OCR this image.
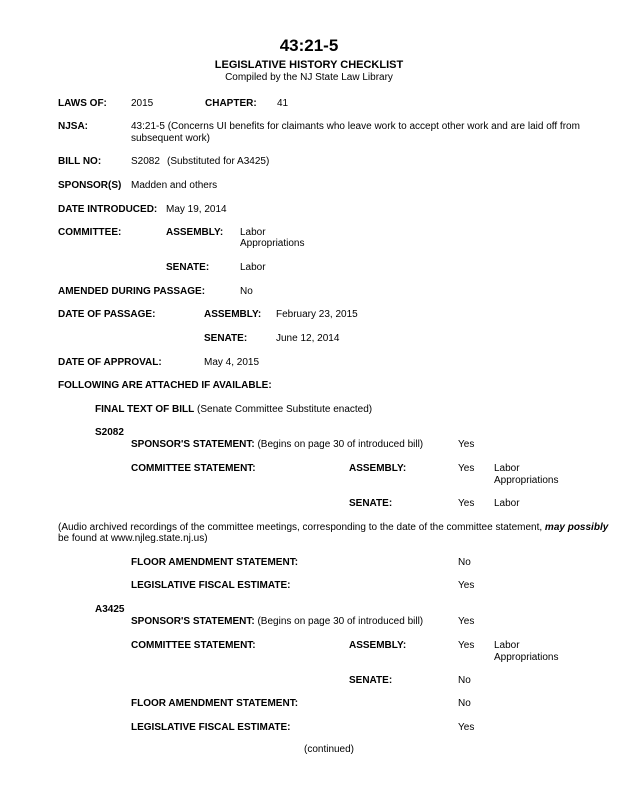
43:21-5
LEGISLATIVE HISTORY CHECKLIST
Compiled by the NJ State Law Library
LAWS OF: 2015	CHAPTER: 41
NJSA:	43:21-5 (Concerns UI benefits for claimants who leave work to accept other work and are laid off from
subsequent work)
BILL NO:	S2082 (Substituted for A3425)
SPONSOR(S) Madden and others
DATE INTRODUCED: May 19, 2014
COMMITTEE:	ASSEMBLY: Labor
Appropriations
SENATE:	Labor
AMENDED DURING PASSAGE:	No
DATE OF PASSAGE:	ASSEMBLY: February 23, 2015
SENATE:	June 12, 2014
DATE OF APPROVAL:	May 4, 2015
FOLLOWING ARE ATTACHED IF AVAILABLE:
FINAL TEXT OF BILL (Senate Committee Substitute enacted)
S2082
SPONSOR'S STATEMENT: (Begins on page 30 of introduced bill)	Yes
COMMITTEE STATEMENT:	ASSEMBLY:	Yes Labor
Appropriations
SENATE:	Yes Labor
(Audio archived recordings of the committee meetings, corresponding to the date of the committee statement, may possibly
be found at www.njleg.state.nj.us)
FLOOR AMENDMENT STATEMENT:	No
LEGISLATIVE FISCAL ESTIMATE:	Yes
A3425
SPONSOR'S STATEMENT: (Begins on page 30 of introduced bill)	Yes
COMMITTEE STATEMENT:	ASSEMBLY:	Yes Labor
Appropriations
SENATE:	No
FLOOR AMENDMENT STATEMENT:	No
LEGISLATIVE FISCAL ESTIMATE:	Yes
(continued)
